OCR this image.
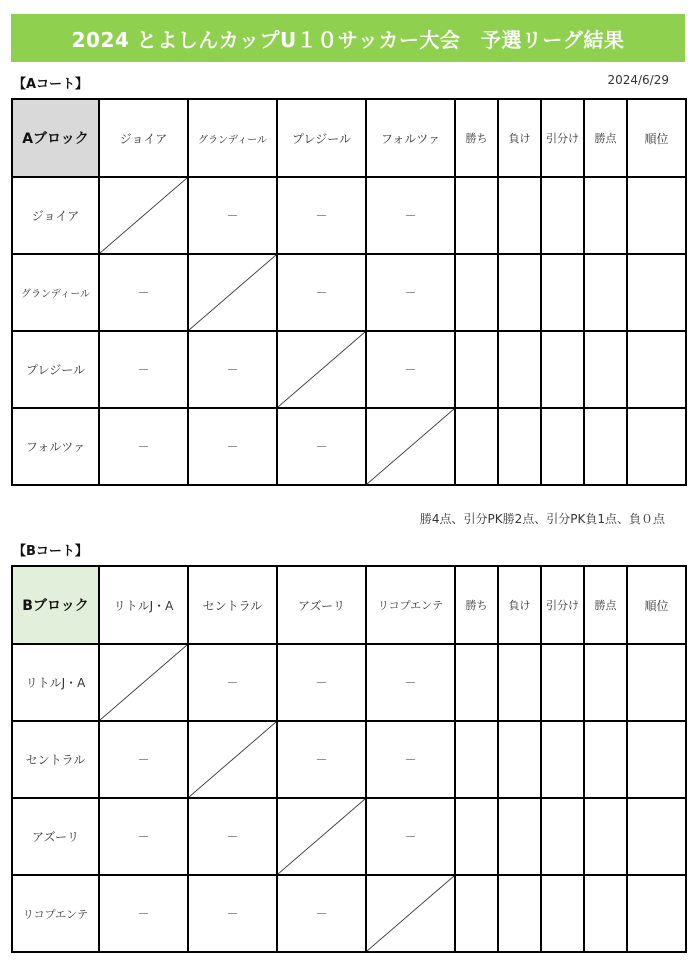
2024 とよしんカップU１０サッカー大会　予選リーグ結果
【Aコート】	2024/6/29
Aブロック	ジョイア	グランディール	プレジール	フォルツァ	勝ち	負け	引分け	勝点	順位
ジョイア		－	－	－					
グランディール	－		－	－					
プレジール	－	－		－					
フォルツァ	－	－	－						
勝4点、引分PK勝2点、引分PK負1点、負０点
【Bコート】
Bブロック	リトルJ・A	セントラル	アズーリ	リコプエンテ	勝ち	負け	引分け	勝点	順位
リトルJ・A		－	－	－					
セントラル	－		－	－					
アズーリ	－	－		－					
リコプエンテ	－	－	－						
